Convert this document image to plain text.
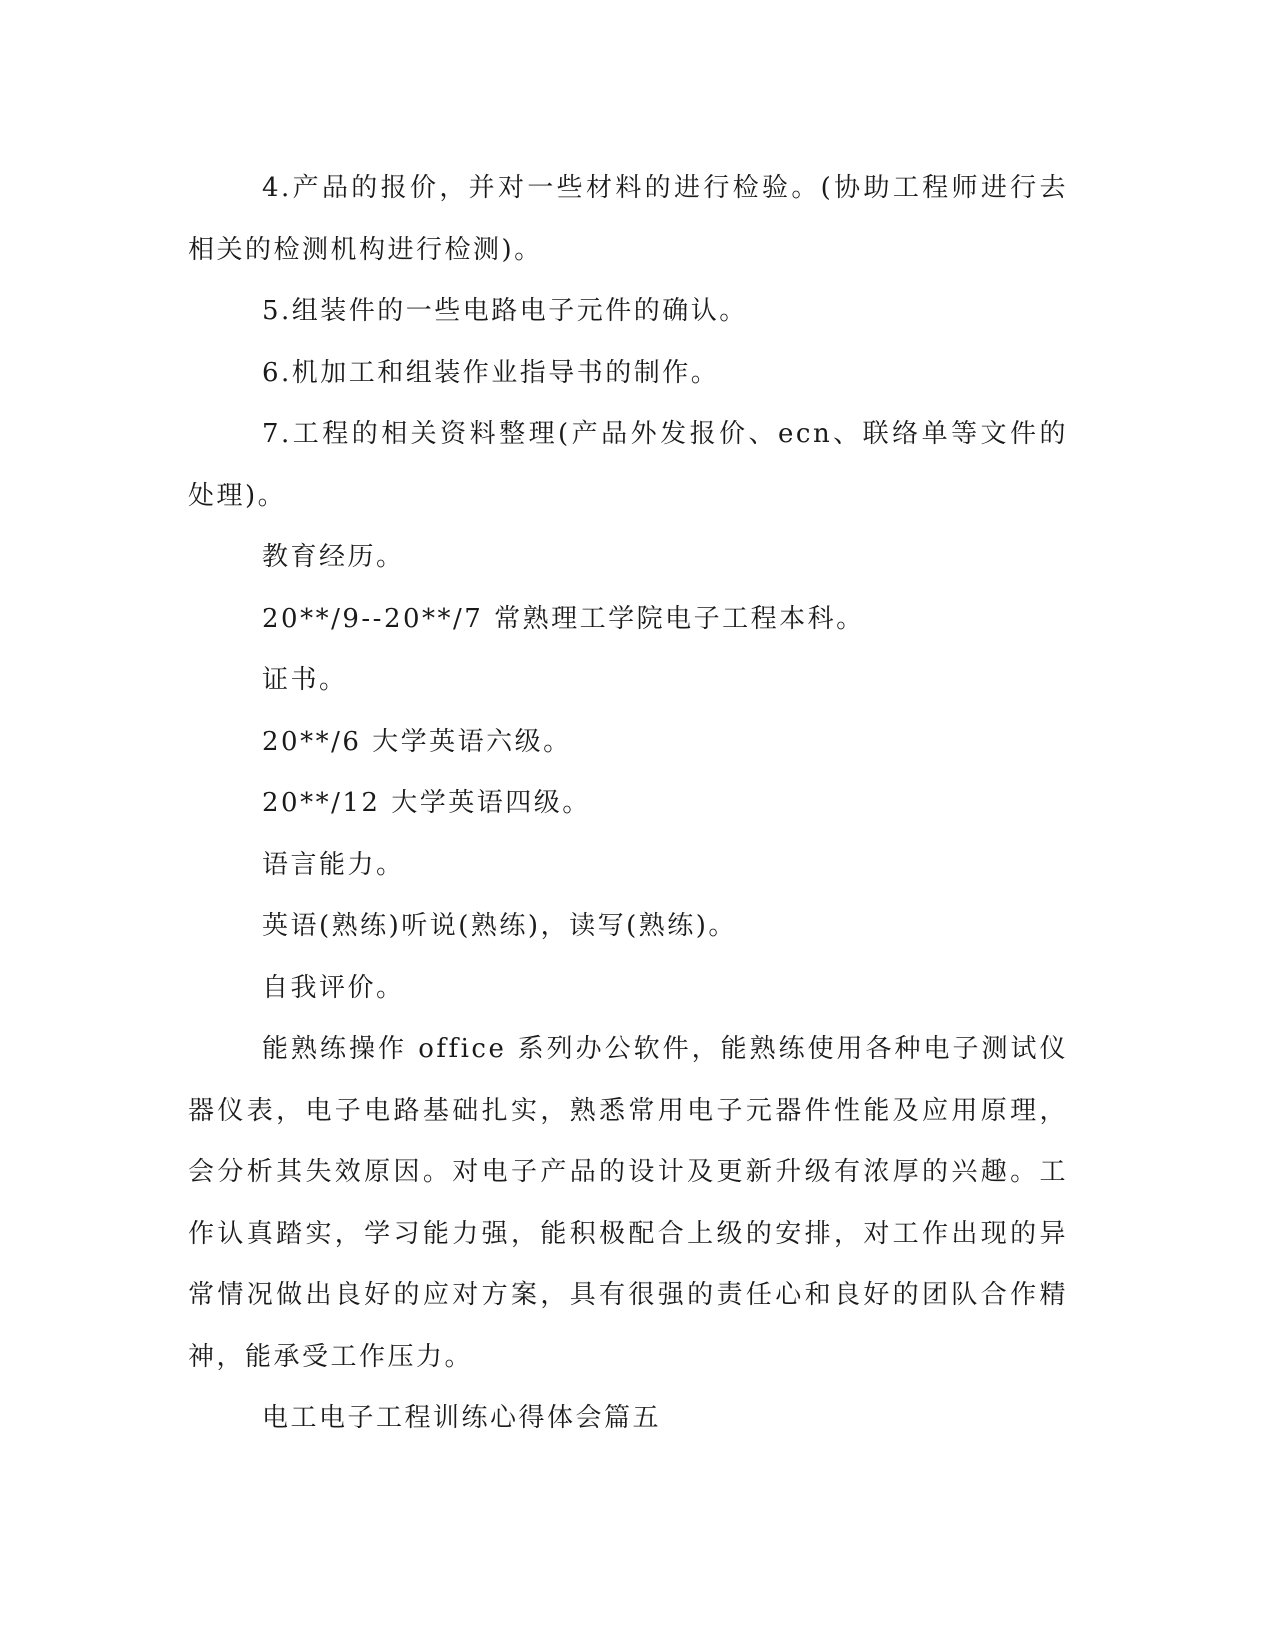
4.产品的报价，并对一些材料的进行检验。(协助工程师进行去相关的检测机构进行检测)。

5.组装件的一些电路电子元件的确认。

6.机加工和组装作业指导书的制作。

7.工程的相关资料整理(产品外发报价、ecn、联络单等文件的处理)。

教育经历。

20**/9--20**/7 常熟理工学院电子工程本科。

证书。

20**/6 大学英语六级。

20**/12 大学英语四级。

语言能力。

英语(熟练)听说(熟练)，读写(熟练)。

自我评价。

能熟练操作 office 系列办公软件，能熟练使用各种电子测试仪器仪表，电子电路基础扎实，熟悉常用电子元器件性能及应用原理，会分析其失效原因。对电子产品的设计及更新升级有浓厚的兴趣。工作认真踏实，学习能力强，能积极配合上级的安排，对工作出现的异常情况做出良好的应对方案，具有很强的责任心和良好的团队合作精神，能承受工作压力。

电工电子工程训练心得体会篇五
